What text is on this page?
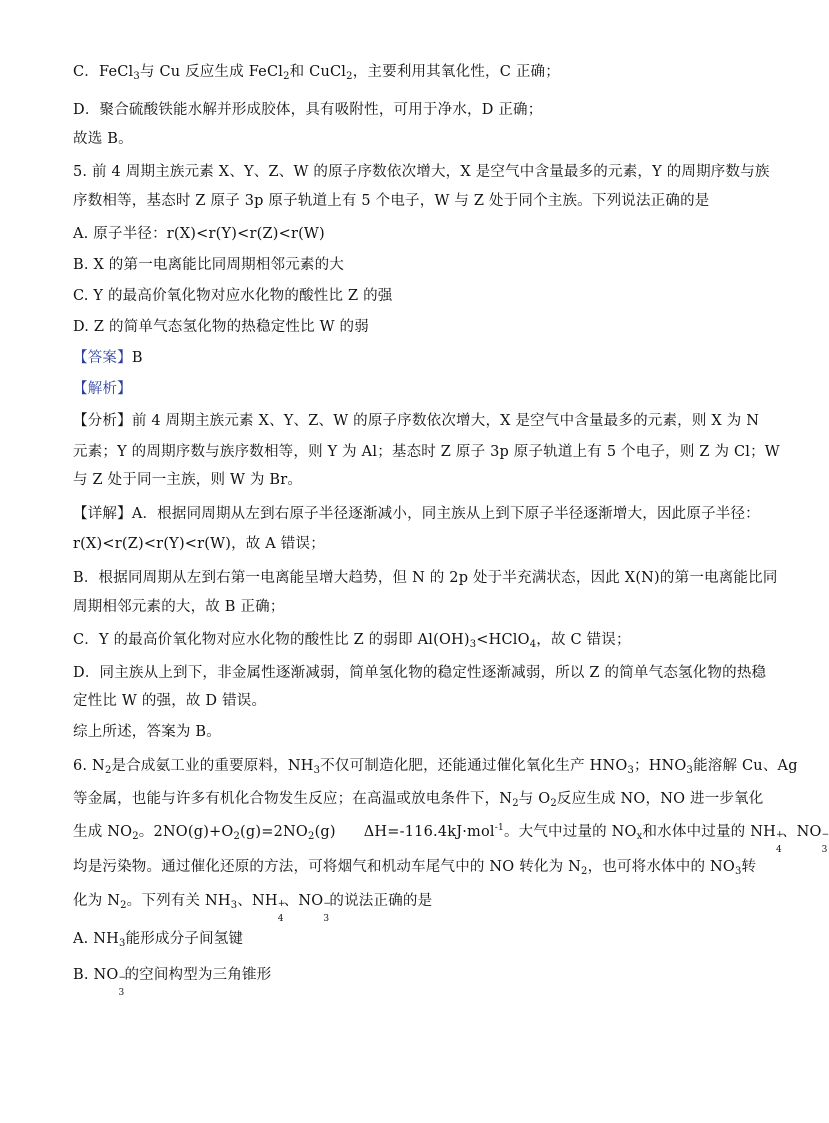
C．FeCl$_3$与 Cu 反应生成 FeCl$_2$和 CuCl$_2$，主要利用其氧化性，C 正确；
D．聚合硫酸铁能水解并形成胶体，具有吸附性，可用于净水，D 正确；
故选 B。
5. 前 4 周期主族元素 X、Y、Z、W 的原子序数依次增大，X 是空气中含量最多的元素，Y 的周期序数与族
序数相等，基态时 Z 原子 3p 原子轨道上有 5 个电子，W 与 Z 处于同个主族。下列说法正确的是
A. 原子半径：r(X)<r(Y)<r(Z)<r(W)
B. X 的第一电离能比同周期相邻元素的大
C. Y 的最高价氧化物对应水化物的酸性比 Z 的强
D. Z 的简单气态氢化物的热稳定性比 W 的弱
【答案】B
【解析】
【分析】前 4 周期主族元素 X、Y、Z、W 的原子序数依次增大，X 是空气中含量最多的元素，则 X 为 N
元素；Y 的周期序数与族序数相等，则 Y 为 Al；基态时 Z 原子 3p 原子轨道上有 5 个电子，则 Z 为 Cl；W
与 Z 处于同一主族，则 W 为 Br。
【详解】A．根据同周期从左到右原子半径逐渐减小，同主族从上到下原子半径逐渐增大，因此原子半径：
r(X)<r(Z)<r(Y)<r(W)，故 A 错误；
B．根据同周期从左到右第一电离能呈增大趋势，但 N 的 2p 处于半充满状态，因此 X(N)的第一电离能比同
周期相邻元素的大，故 B 正确；
C．Y 的最高价氧化物对应水化物的酸性比 Z 的弱即 $Al(OH)_3<HClO_4$，故 C 错误；
D．同主族从上到下，非金属性逐渐减弱，简单氢化物的稳定性逐渐减弱，所以 Z 的简单气态氢化物的热稳
定性比 W 的强，故 D 错误。
综上所述，答案为 B。
6. $N_2$是合成氨工业的重要原料，$NH_3$不仅可制造化肥，还能通过催化氧化生产 $HNO_3$；$HNO_3$能溶解 Cu、Ag
等金属，也能与许多有机化合物发生反应；在高温或放电条件下，$N_2$与 $O_2$反应生成 NO，NO 进一步氧化
生成 $NO_2$。$2NO(g)+O_2(g)=2NO_2(g)$ ΔH=-116.4kJ·mol$^{-1}$。大气中过量的 $NO_x$和水体中过量的 NH +
4
、NO −
3
均是污染物。通过催化还原的方法，可将烟气和机动车尾气中的 NO 转化为 $N_2$，也可将水体中的 $NO_3$转
化为 $N_2$。下列有关 $NH_3$、NH +
4
、NO −
3
的说法正确的是
A. $NH_3$能形成分子间氢键
B. NO −
3
的空间构型为三角锥形
